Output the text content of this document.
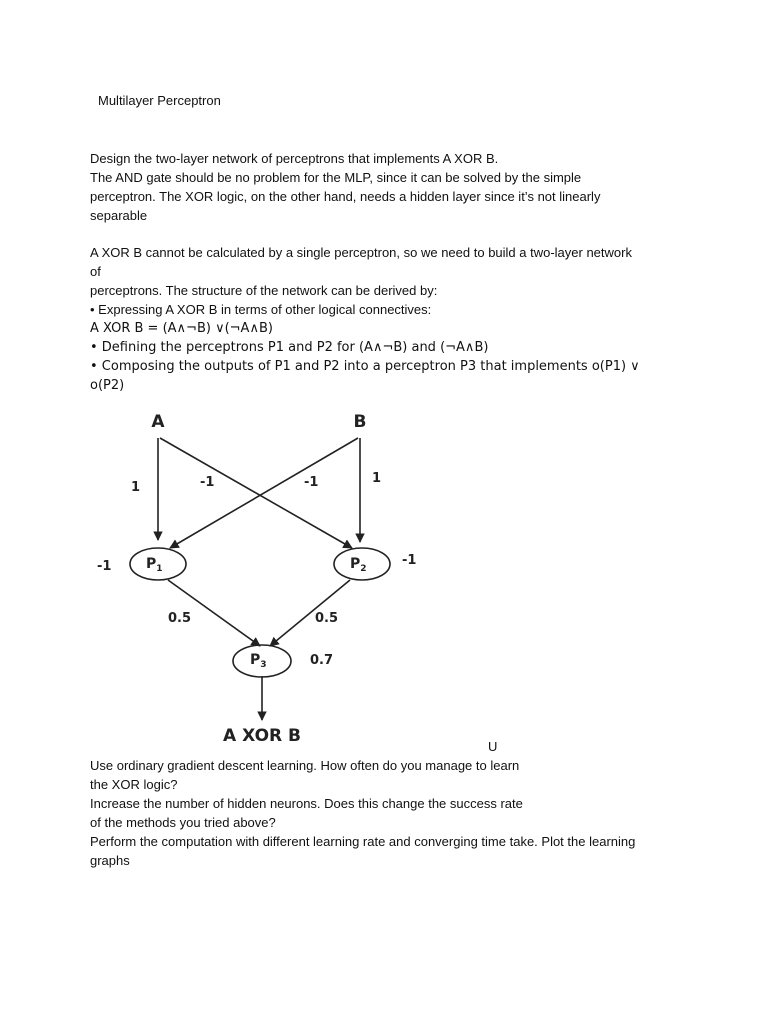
Multilayer Perceptron
Design the two-layer network of perceptrons that implements A XOR B.
The AND gate should be no problem for the MLP, since it can be solved by the simple
perceptron. The XOR logic, on the other hand, needs a hidden layer since it’s not linearly
separable
A XOR B cannot be calculated by a single perceptron, so we need to build a two-layer network
of
perceptrons. The structure of the network can be derived by:
• Expressing A XOR B in terms of other logical connectives:
A XOR B = (A∧¬B) ∨(¬A∧B)
• Defining the perceptrons P1 and P2 for (A∧¬B) and (¬A∧B)
• Composing the outputs of P1 and P2 into a perceptron P3 that implements o(P1) ∨
o(P2)
A	B
1	-1	-1	1
-1	-1
$P_1$	$P_2$
$P_3$
0.5	0.5
0.7
A XOR B
U
Use ordinary gradient descent learning. How often do you manage to learn
the XOR logic?
Increase the number of hidden neurons. Does this change the success rate
of the methods you tried above?
Perform the computation with different learning rate and converging time take. Plot the learning
graphs
